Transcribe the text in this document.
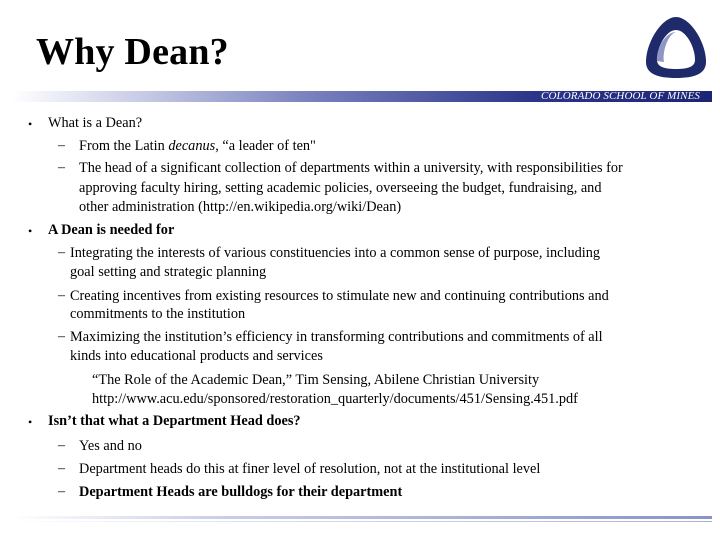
Why Dean?
COLORADO SCHOOL OF MINES
• What is a Dean?
– From the Latin decanus, “a leader of ten"
– The head of a significant collection of departments within a university, with responsibilities for
approving faculty hiring, setting academic policies, overseeing the budget, fundraising, and
other administration (http://en.wikipedia.org/wiki/Dean)
• A Dean is needed for
– Integrating the interests of various constituencies into a common sense of purpose, including
goal setting and strategic planning
– Creating incentives from existing resources to stimulate new and continuing contributions and
commitments to the institution
– Maximizing the institution’s efficiency in transforming contributions and commitments of all
kinds into educational products and services
“The Role of the Academic Dean,” Tim Sensing, Abilene Christian University
http://www.acu.edu/sponsored/restoration_quarterly/documents/451/Sensing.451.pdf
• Isn’t that what a Department Head does?
– Yes and no
– Department heads do this at finer level of resolution, not at the institutional level
– Department Heads are bulldogs for their department
